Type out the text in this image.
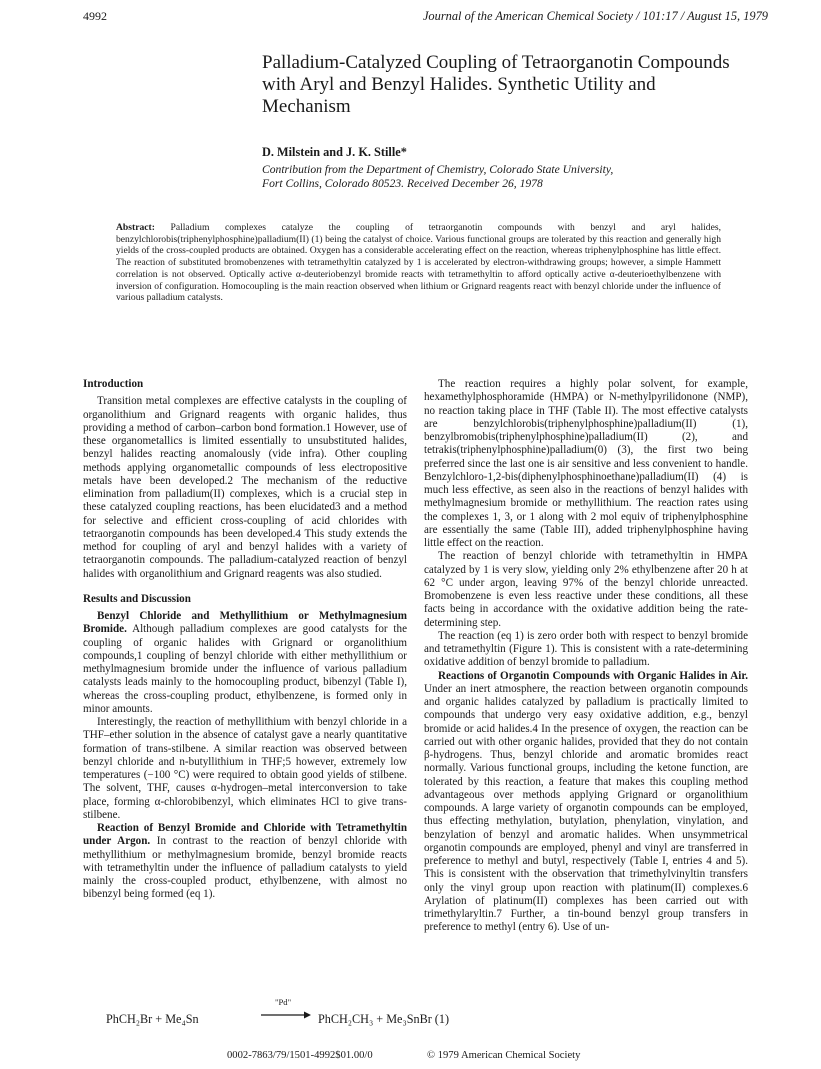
4992	Journal of the American Chemical Society / 101:17 / August 15, 1979
Palladium-Catalyzed Coupling of Tetraorganotin Compounds with Aryl and Benzyl Halides. Synthetic Utility and Mechanism
D. Milstein and J. K. Stille*
Contribution from the Department of Chemistry, Colorado State University,
Fort Collins, Colorado 80523. Received December 26, 1978

Abstract: Palladium complexes catalyze the coupling of tetraorganotin compounds with benzyl and aryl halides, benzylchlorobis(triphenylphosphine)palladium(II) (1) being the catalyst of choice. Various functional groups are tolerated by this reaction and generally high yields of the cross-coupled products are obtained. Oxygen has a considerable accelerating effect on the reaction, whereas triphenylphosphine has little effect. The reaction of substituted bromobenzenes with tetramethyltin catalyzed by 1 is accelerated by electron-withdrawing groups; however, a simple Hammett correlation is not observed. Optically active α-deuteriobenzyl bromide reacts with tetramethyltin to afford optically active α-deuterioethylbenzene with inversion of configuration. Homocoupling is the main reaction observed when lithium or Grignard reagents react with benzyl chloride under the influence of various palladium catalysts.

Introduction

Transition metal complexes are effective catalysts in the coupling of organolithium and Grignard reagents with organic halides, thus providing a method of carbon–carbon bond formation.1 However, use of these organometallics is limited essentially to unsubstituted halides, benzyl halides reacting anomalously (vide infra). Other coupling methods applying organometallic compounds of less electropositive metals have been developed.2 The mechanism of the reductive elimination from palladium(II) complexes, which is a crucial step in these catalyzed coupling reactions, has been elucidated3 and a method for selective and efficient cross-coupling of acid chlorides with tetraorganotin compounds has been developed.4 This study extends the method for coupling of aryl and benzyl halides with a variety of tetraorganotin compounds. The palladium-catalyzed reaction of benzyl halides with organolithium and Grignard reagents was also studied.

Results and Discussion

Benzyl Chloride and Methyllithium or Methylmagnesium Bromide. Although palladium complexes are good catalysts for the coupling of organic halides with Grignard or organolithium compounds,1 coupling of benzyl chloride with either methyllithium or methylmagnesium bromide under the influence of various palladium catalysts leads mainly to the homocoupling product, bibenzyl (Table I), whereas the cross-coupling product, ethylbenzene, is formed only in minor amounts.

Interestingly, the reaction of methyllithium with benzyl chloride in a THF–ether solution in the absence of catalyst gave a nearly quantitative formation of trans-stilbene. A similar reaction was observed between benzyl chloride and n-butyllithium in THF;5 however, extremely low temperatures (−100 °C) were required to obtain good yields of stilbene. The solvent, THF, causes α-hydrogen–metal interconversion to take place, forming α-chlorobibenzyl, which eliminates HCl to give trans-stilbene.

Reaction of Benzyl Bromide and Chloride with Tetramethyltin under Argon. In contrast to the reaction of benzyl chloride with methyllithium or methylmagnesium bromide, benzyl bromide reacts with tetramethyltin under the influence of palladium catalysts to yield mainly the cross-coupled product, ethylbenzene, with almost no bibenzyl being formed (eq 1).

PhCH₂Br + Me₄Sn
"Pd"
PhCH₂CH₃ + Me₃SnBr (1)

The reaction requires a highly polar solvent, for example, hexamethylphosphoramide (HMPA) or N-methylpyrilidonone (NMP), no reaction taking place in THF (Table II). The most effective catalysts are benzylchlorobis(triphenylphosphine)palladium(II) (1), benzylbromobis(triphenylphosphine)palladium(II) (2), and tetrakis(triphenylphosphine)palladium(0) (3), the first two being preferred since the last one is air sensitive and less convenient to handle. Benzylchloro-1,2-bis(diphenylphosphinoethane)palladium(II) (4) is much less effective, as seen also in the reactions of benzyl halides with methylmagnesium bromide or methyllithium. The reaction rates using the complexes 1, 3, or 1 along with 2 mol equiv of triphenylphosphine are essentially the same (Table III), added triphenylphosphine having little effect on the reaction.

The reaction of benzyl chloride with tetramethyltin in HMPA catalyzed by 1 is very slow, yielding only 2% ethylbenzene after 20 h at 62 °C under argon, leaving 97% of the benzyl chloride unreacted. Bromobenzene is even less reactive under these conditions, all these facts being in accordance with the oxidative addition being the rate-determining step.

The reaction (eq 1) is zero order both with respect to benzyl bromide and tetramethyltin (Figure 1). This is consistent with a rate-determining oxidative addition of benzyl bromide to palladium.

Reactions of Organotin Compounds with Organic Halides in Air. Under an inert atmosphere, the reaction between organotin compounds and organic halides catalyzed by palladium is practically limited to compounds that undergo very easy oxidative addition, e.g., benzyl bromide or acid halides.4 In the presence of oxygen, the reaction can be carried out with other organic halides, provided that they do not contain β-hydrogens. Thus, benzyl chloride and aromatic bromides react normally. Various functional groups, including the ketone function, are tolerated by this reaction, a feature that makes this coupling method advantageous over methods applying Grignard or organolithium compounds. A large variety of organotin compounds can be employed, thus effecting methylation, butylation, phenylation, vinylation, and benzylation of benzyl and aromatic halides. When unsymmetrical organotin compounds are employed, phenyl and vinyl are transferred in preference to methyl and butyl, respectively (Table I, entries 4 and 5). This is consistent with the observation that trimethylvinyltin transfers only the vinyl group upon reaction with platinum(II) complexes.6 Arylation of platinum(II) complexes has been carried out with trimethylaryltin.7 Further, a tin-bound benzyl group transfers in preference to methyl (entry 6). Use of un-

0002-7863/79/1501-4992$01.00/0	© 1979 American Chemical Society
